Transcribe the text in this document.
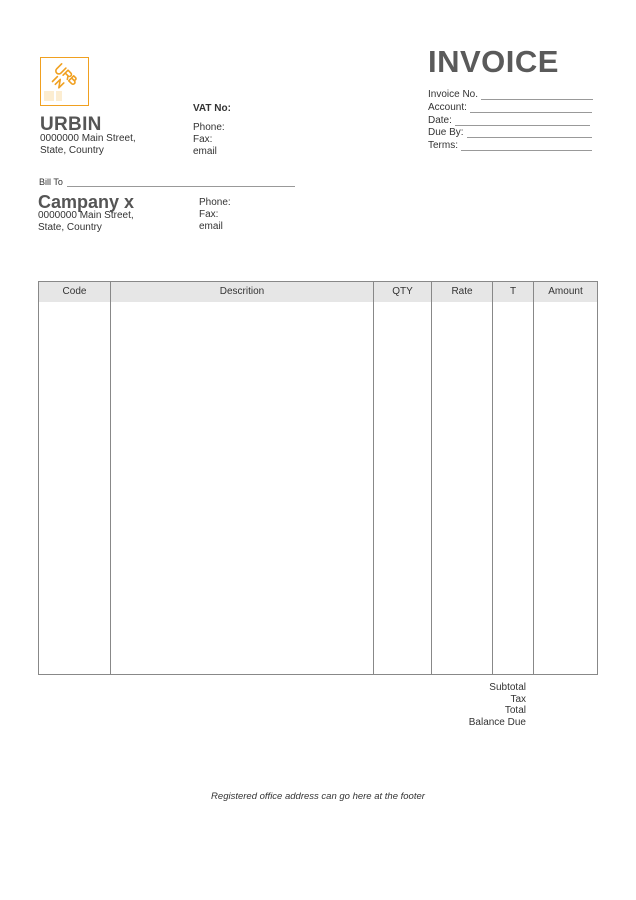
URBIN
0000000 Main Street,
State, Country
VAT No:
Phone:
Fax:
email
INVOICE
Invoice No.
Account:
Date:
Due By:
Terms:
Bill To
Campany x
0000000 Main Street,
State, Country
Phone:
Fax:
email
Code	Descrition	QTY	Rate	T	Amount
Subtotal
Tax
Total
Balance Due
Registered office address can go here at the footer
